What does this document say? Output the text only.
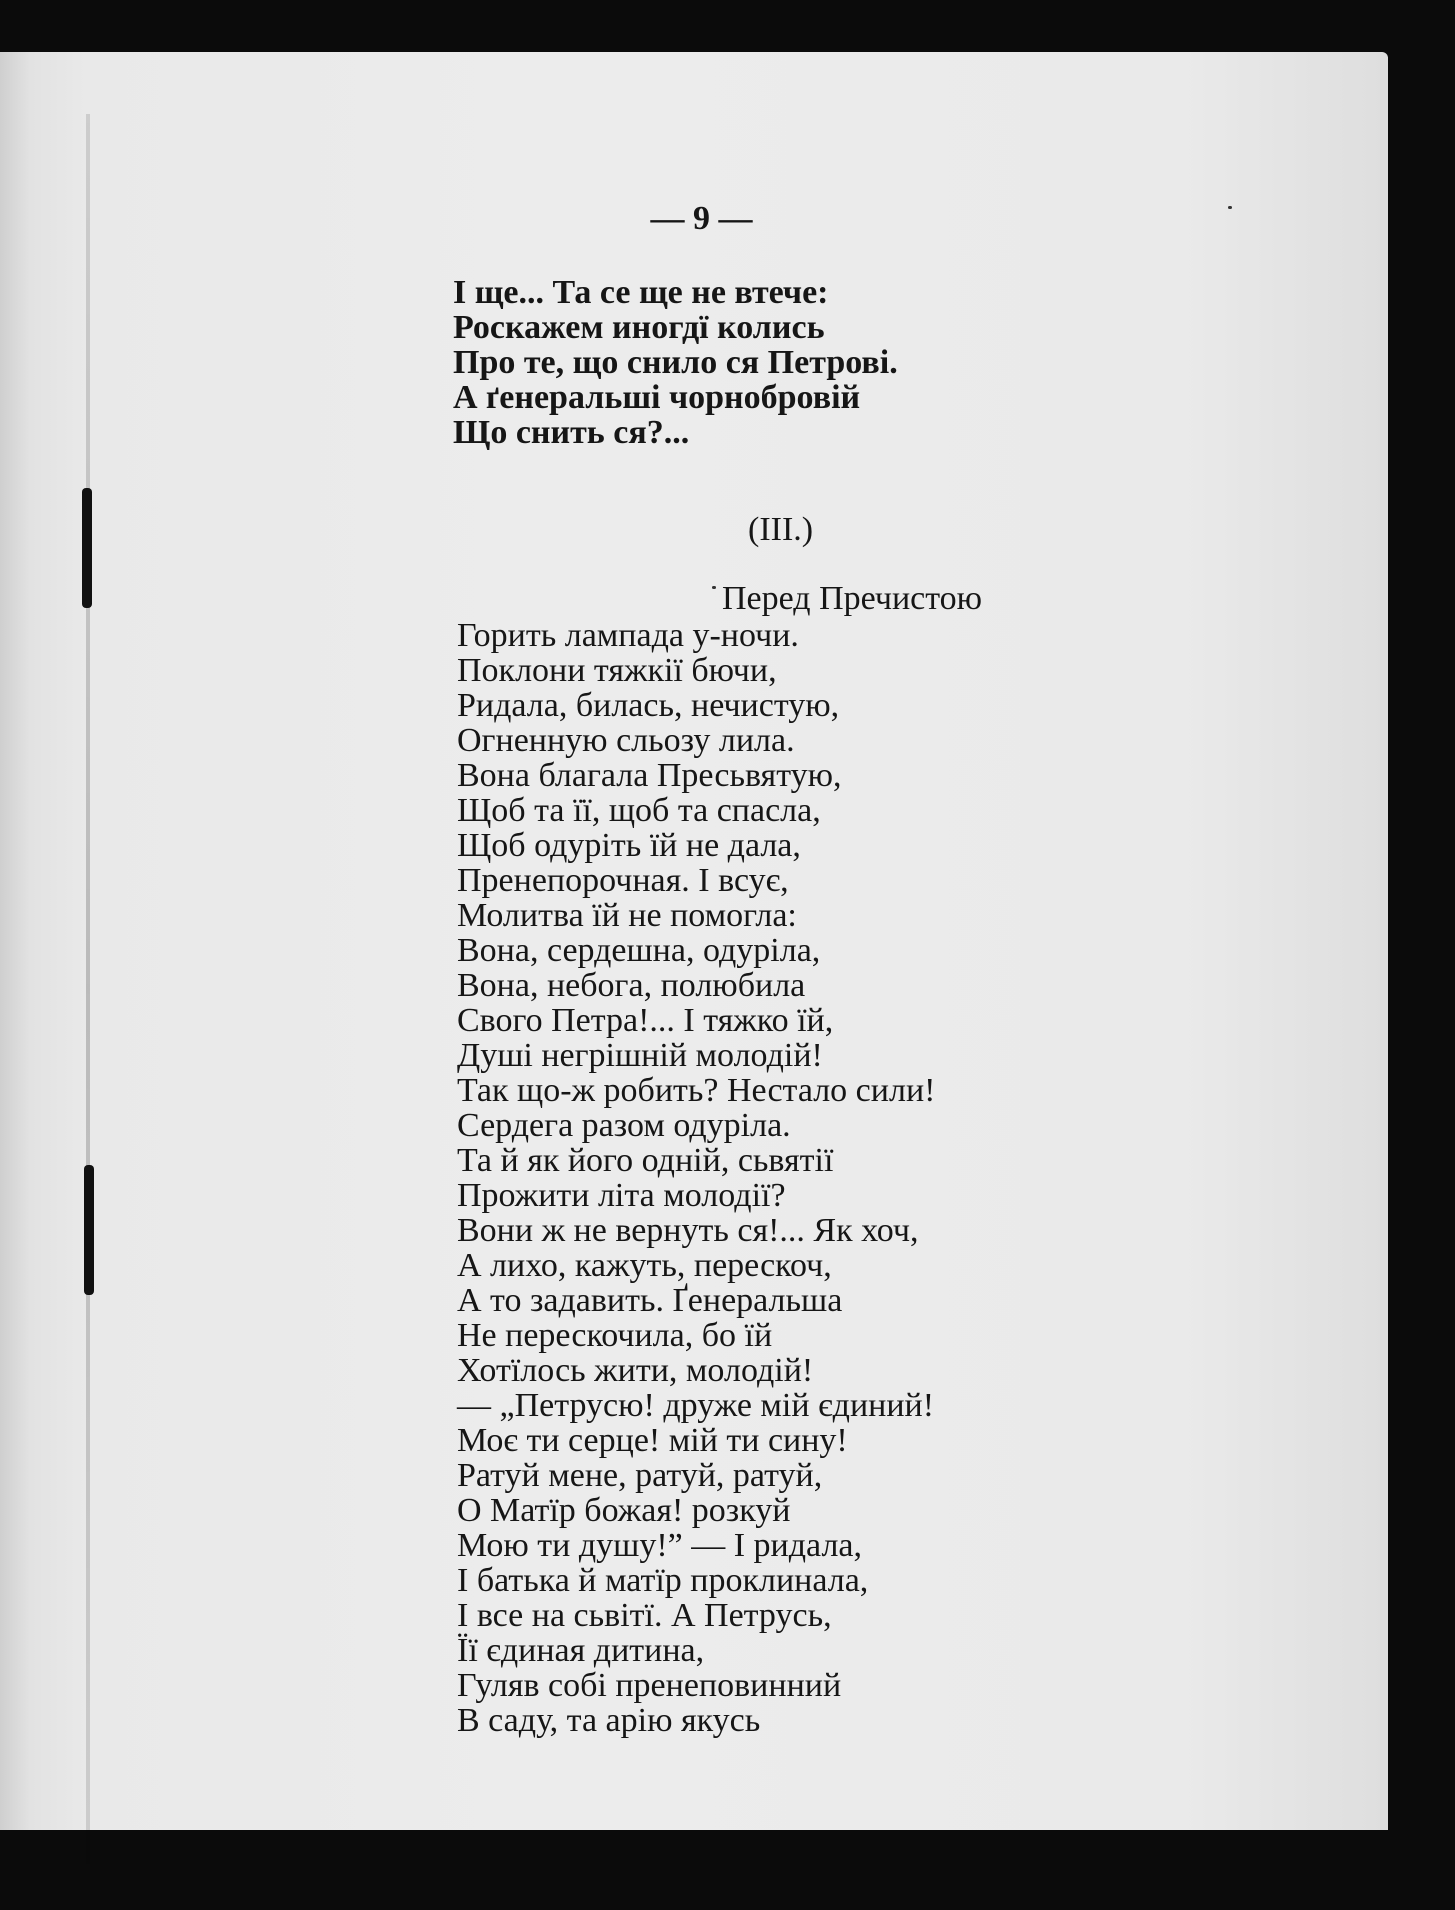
— 9 —
І ще... Та се ще не втече:
Роскажем иногдї колись
Про те, що снило ся Петрові.
А ґенеральші чорнобровій
Що снить ся?...
(III.)
Перед Пречистою
Горить лампада у-ночи.
Поклони тяжкії бючи,
Ридала, билась, нечистую,
Огненную сльозу лила.
Вона благала Пресьвятую,
Щоб та її, щоб та спасла,
Щоб одуріть їй не дала,
Пренепорочная. І всує,
Молитва їй не помогла:
Вона, сердешна, одуріла,
Вона, небога, полюбила
Свого Петра!... І тяжко їй,
Душі негрішній молодій!
Так що-ж робить? Нестало сили!
Сердега разом одуріла.
Та й як його одній, сьвятії
Прожити літа молодії?
Вони ж не вернуть ся!... Як хоч,
А лихо, кажуть, перескоч,
А то задавить. Ґенеральша
Не перескочила, бо їй
Хотїлось жити, молодій!
— „Петрусю! друже мій єдиний!
Моє ти серце! мій ти сину!
Ратуй мене, ратуй, ратуй,
О Матїр божая! розкуй
Мою ти душу!” — І ридала,
І батька й матїр проклинала,
І все на сьвітї. А Петрусь,
Її єдиная дитина,
Гуляв собі пренеповинний
В саду, та арію якусь
